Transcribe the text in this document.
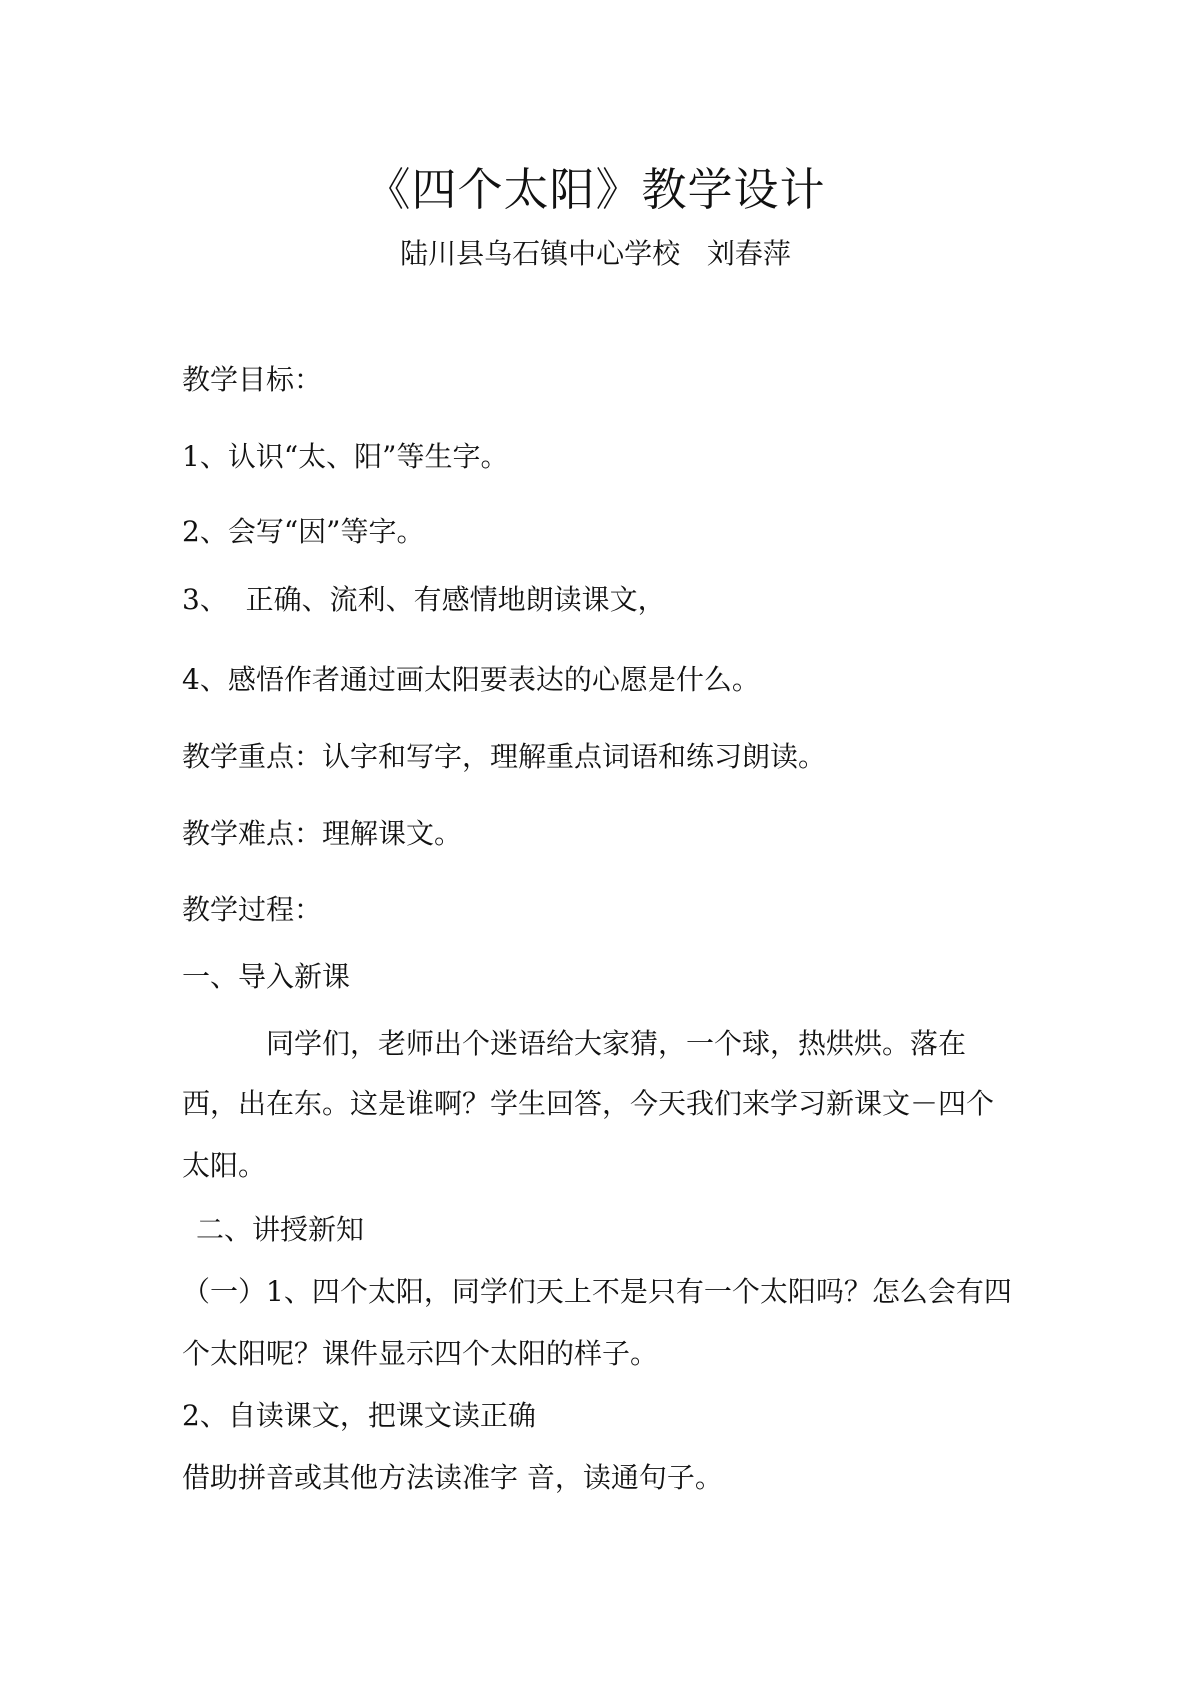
《四个太阳》教学设计
陆川县乌石镇中心学校   刘春萍
教学目标：
1、认识“太、阳”等生字。
2、会写“因”等字。
3、  正确、流利、有感情地朗读课文，
4、感悟作者通过画太阳要表达的心愿是什么。
教学重点：认字和写字，理解重点词语和练习朗读。
教学难点：理解课文。
教学过程：
一、导入新课
同学们，老师出个迷语给大家猜，一个球，热烘烘。落在
西，出在东。这是谁啊？学生回答，今天我们来学习新课文－四个
太阳。
二、讲授新知
（一）1、四个太阳，同学们天上不是只有一个太阳吗？怎么会有四
个太阳呢？课件显示四个太阳的样子。
2、自读课文，把课文读正确
借助拼音或其他方法读准字 音，读通句子。
